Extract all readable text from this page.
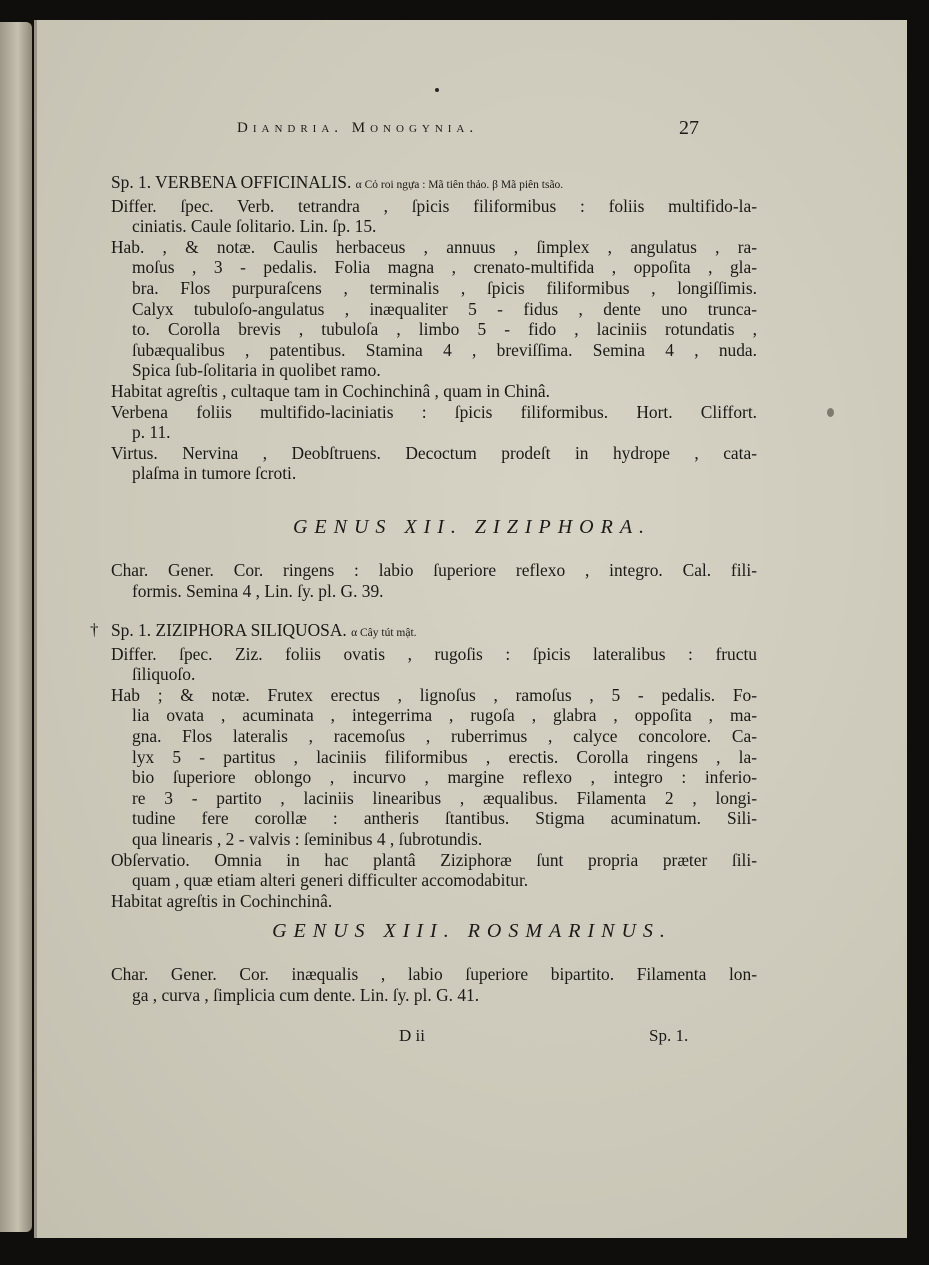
Diandria. Monogynia.	27
Sp. 1. VERBENA OFFICINALIS. α Cỏ roi ngựa : Mã tiên thảo. β Mã piên tsão.
Differ. ſpec. Verb. tetrandra , ſpicis filiformibus : foliis multifido-la-
ciniatis. Caule ſolitario. Lin. ſp. 15.
Hab. , & notæ. Caulis herbaceus , annuus , ſimplex , angulatus , ra-
moſus , 3 - pedalis. Folia magna , crenato-multifida , oppoſita , gla-
bra. Flos purpuraſcens , terminalis , ſpicis filiformibus , longiſſimis.
Calyx tubuloſo-angulatus , inæqualiter 5 - fidus , dente uno trunca-
to. Corolla brevis , tubuloſa , limbo 5 - fido , laciniis rotundatis ,
ſubæqualibus , patentibus. Stamina 4 , breviſſima. Semina 4 , nuda.
Spica ſub-ſolitaria in quolibet ramo.
Habitat agreſtis , cultaque tam in Cochinchinâ , quam in Chinâ.
Verbena foliis multifido-laciniatis : ſpicis filiformibus. Hort. Cliffort.
p. 11.
Virtus. Nervina , Deobſtruens. Decoctum prodeſt in hydrope , cata-
plaſma in tumore ſcroti.
GENUS XII. ZIZIPHORA.
Char. Gener. Cor. ringens : labio ſuperiore reflexo , integro. Cal. fili-
formis. Semina 4 , Lin. ſy. pl. G. 39.
† Sp. 1. ZIZIPHORA SILIQUOSA. α Cây tút mật.
Differ. ſpec. Ziz. foliis ovatis , rugoſis : ſpicis lateralibus : fructu
ſiliquoſo.
Hab ; & notæ. Frutex erectus , lignoſus , ramoſus , 5 - pedalis. Fo-
lia ovata , acuminata , integerrima , rugoſa , glabra , oppoſita , ma-
gna. Flos lateralis , racemoſus , ruberrimus , calyce concolore. Ca-
lyx 5 - partitus , laciniis filiformibus , erectis. Corolla ringens , la-
bio ſuperiore oblongo , incurvo , margine reflexo , integro : inferio-
re 3 - partito , laciniis linearibus , æqualibus. Filamenta 2 , longi-
tudine fere corollæ : antheris ſtantibus. Stigma acuminatum. Sili-
qua linearis , 2 - valvis : ſeminibus 4 , ſubrotundis.
Obſervatio. Omnia in hac plantâ Ziziphoræ ſunt propria præter ſili-
quam , quæ etiam alteri generi difficulter accomodabitur.
Habitat agreſtis in Cochinchinâ.
GENUS XIII. ROSMARINUS.
Char. Gener. Cor. inæqualis , labio ſuperiore bipartito. Filamenta lon-
ga , curva , ſimplicia cum dente. Lin. ſy. pl. G. 41.
D ii	Sp. 1.
